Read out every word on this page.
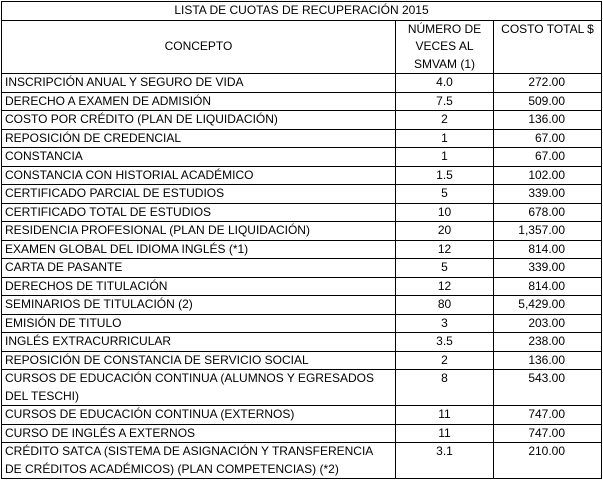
LISTA DE CUOTAS DE RECUPERACIÓN 2015		
CONCEPTO	NÚMERO DE VECES AL SMVAM (1)	COSTO TOTAL $
INSCRIPCIÓN ANUAL Y SEGURO DE VIDA	4.0	272.00
DERECHO A EXAMEN DE ADMISIÓN	7.5	509.00
COSTO POR CRÉDITO (PLAN DE LIQUIDACIÓN)	2	136.00
REPOSICIÓN DE CREDENCIAL	1	67.00
CONSTANCIA	1	67.00
CONSTANCIA CON HISTORIAL ACADÉMICO	1.5	102.00
CERTIFICADO PARCIAL DE ESTUDIOS	5	339.00
CERTIFICADO TOTAL DE ESTUDIOS	10	678.00
RESIDENCIA PROFESIONAL (PLAN DE LIQUIDACIÓN)	20	1,357.00
EXAMEN GLOBAL DEL IDIOMA INGLÉS (*1)	12	814.00
CARTA DE PASANTE	5	339.00
DERECHOS DE TITULACIÓN	12	814.00
SEMINARIOS DE TITULACIÓN (2)	80	5,429.00
EMISIÓN DE TITULO	3	203.00
INGLÉS EXTRACURRICULAR	3.5	238.00
REPOSICIÓN DE CONSTANCIA DE SERVICIO SOCIAL	2	136.00
CURSOS DE EDUCACIÓN CONTINUA (ALUMNOS Y EGRESADOS DEL TESCHI)	8	543.00
CURSOS DE EDUCACIÓN CONTINUA (EXTERNOS)	11	747.00
CURSO DE INGLÉS A EXTERNOS	11	747.00
CRÉDITO SATCA (SISTEMA DE ASIGNACIÓN Y TRANSFERENCIA DE CRÉDITOS ACADÉMICOS) (PLAN COMPETENCIAS) (*2)	3.1	210.00
